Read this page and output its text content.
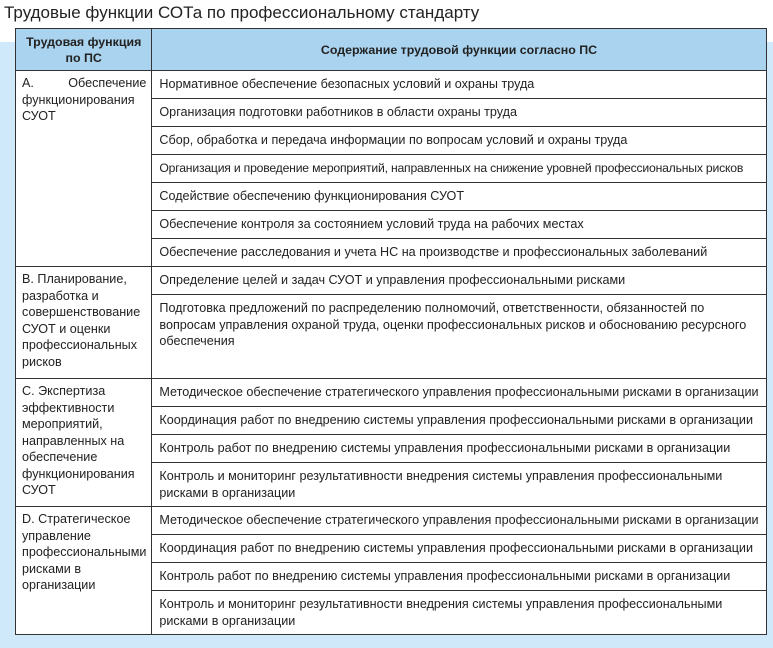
Трудовые функции СОТа по профессиональному стандарту
Трудовая функция по ПС	Содержание трудовой функции согласно ПС
А. Обеспечение функционирования СУОТ	Нормативное обеспечение безопасных условий и охраны труда
	Организация подготовки работников в области охраны труда
	Сбор, обработка и передача информации по вопросам условий и охраны труда
	Организация и проведение мероприятий, направленных на снижение уровней профессиональных рисков
	Содействие обеспечению функционирования СУОТ
	Обеспечение контроля за состоянием условий труда на рабочих местах
	Обеспечение расследования и учета НС на производстве и профессиональных заболеваний
В. Планирование, разработка и совершенствование СУОТ и оценки профессиональных рисков	Определение целей и задач СУОТ и управления профессиональными рисками
	Подготовка предложений по распределению полномочий, ответственности, обязанностей по вопросам управления охраной труда, оценки профессиональных рисков и обоснованию ресурсного обеспечения
С. Экспертиза эффективности мероприятий, направленных на обеспечение функционирования СУОТ	Методическое обеспечение стратегического управления профессиональными рисками в организации
	Координация работ по внедрению системы управления профессиональными рисками в организации
	Контроль работ по внедрению системы управления профессиональными рисками в организации
	Контроль и мониторинг результативности внедрения системы управления профессиональными рисками в организации
D. Стратегическое управление профессиональными рисками в организации	Методическое обеспечение стратегического управления профессиональными рисками в организации
	Координация работ по внедрению системы управления профессиональными рисками в организации
	Контроль работ по внедрению системы управления профессиональными рисками в организации
	Контроль и мониторинг результативности внедрения системы управления профессиональными рисками в организации
